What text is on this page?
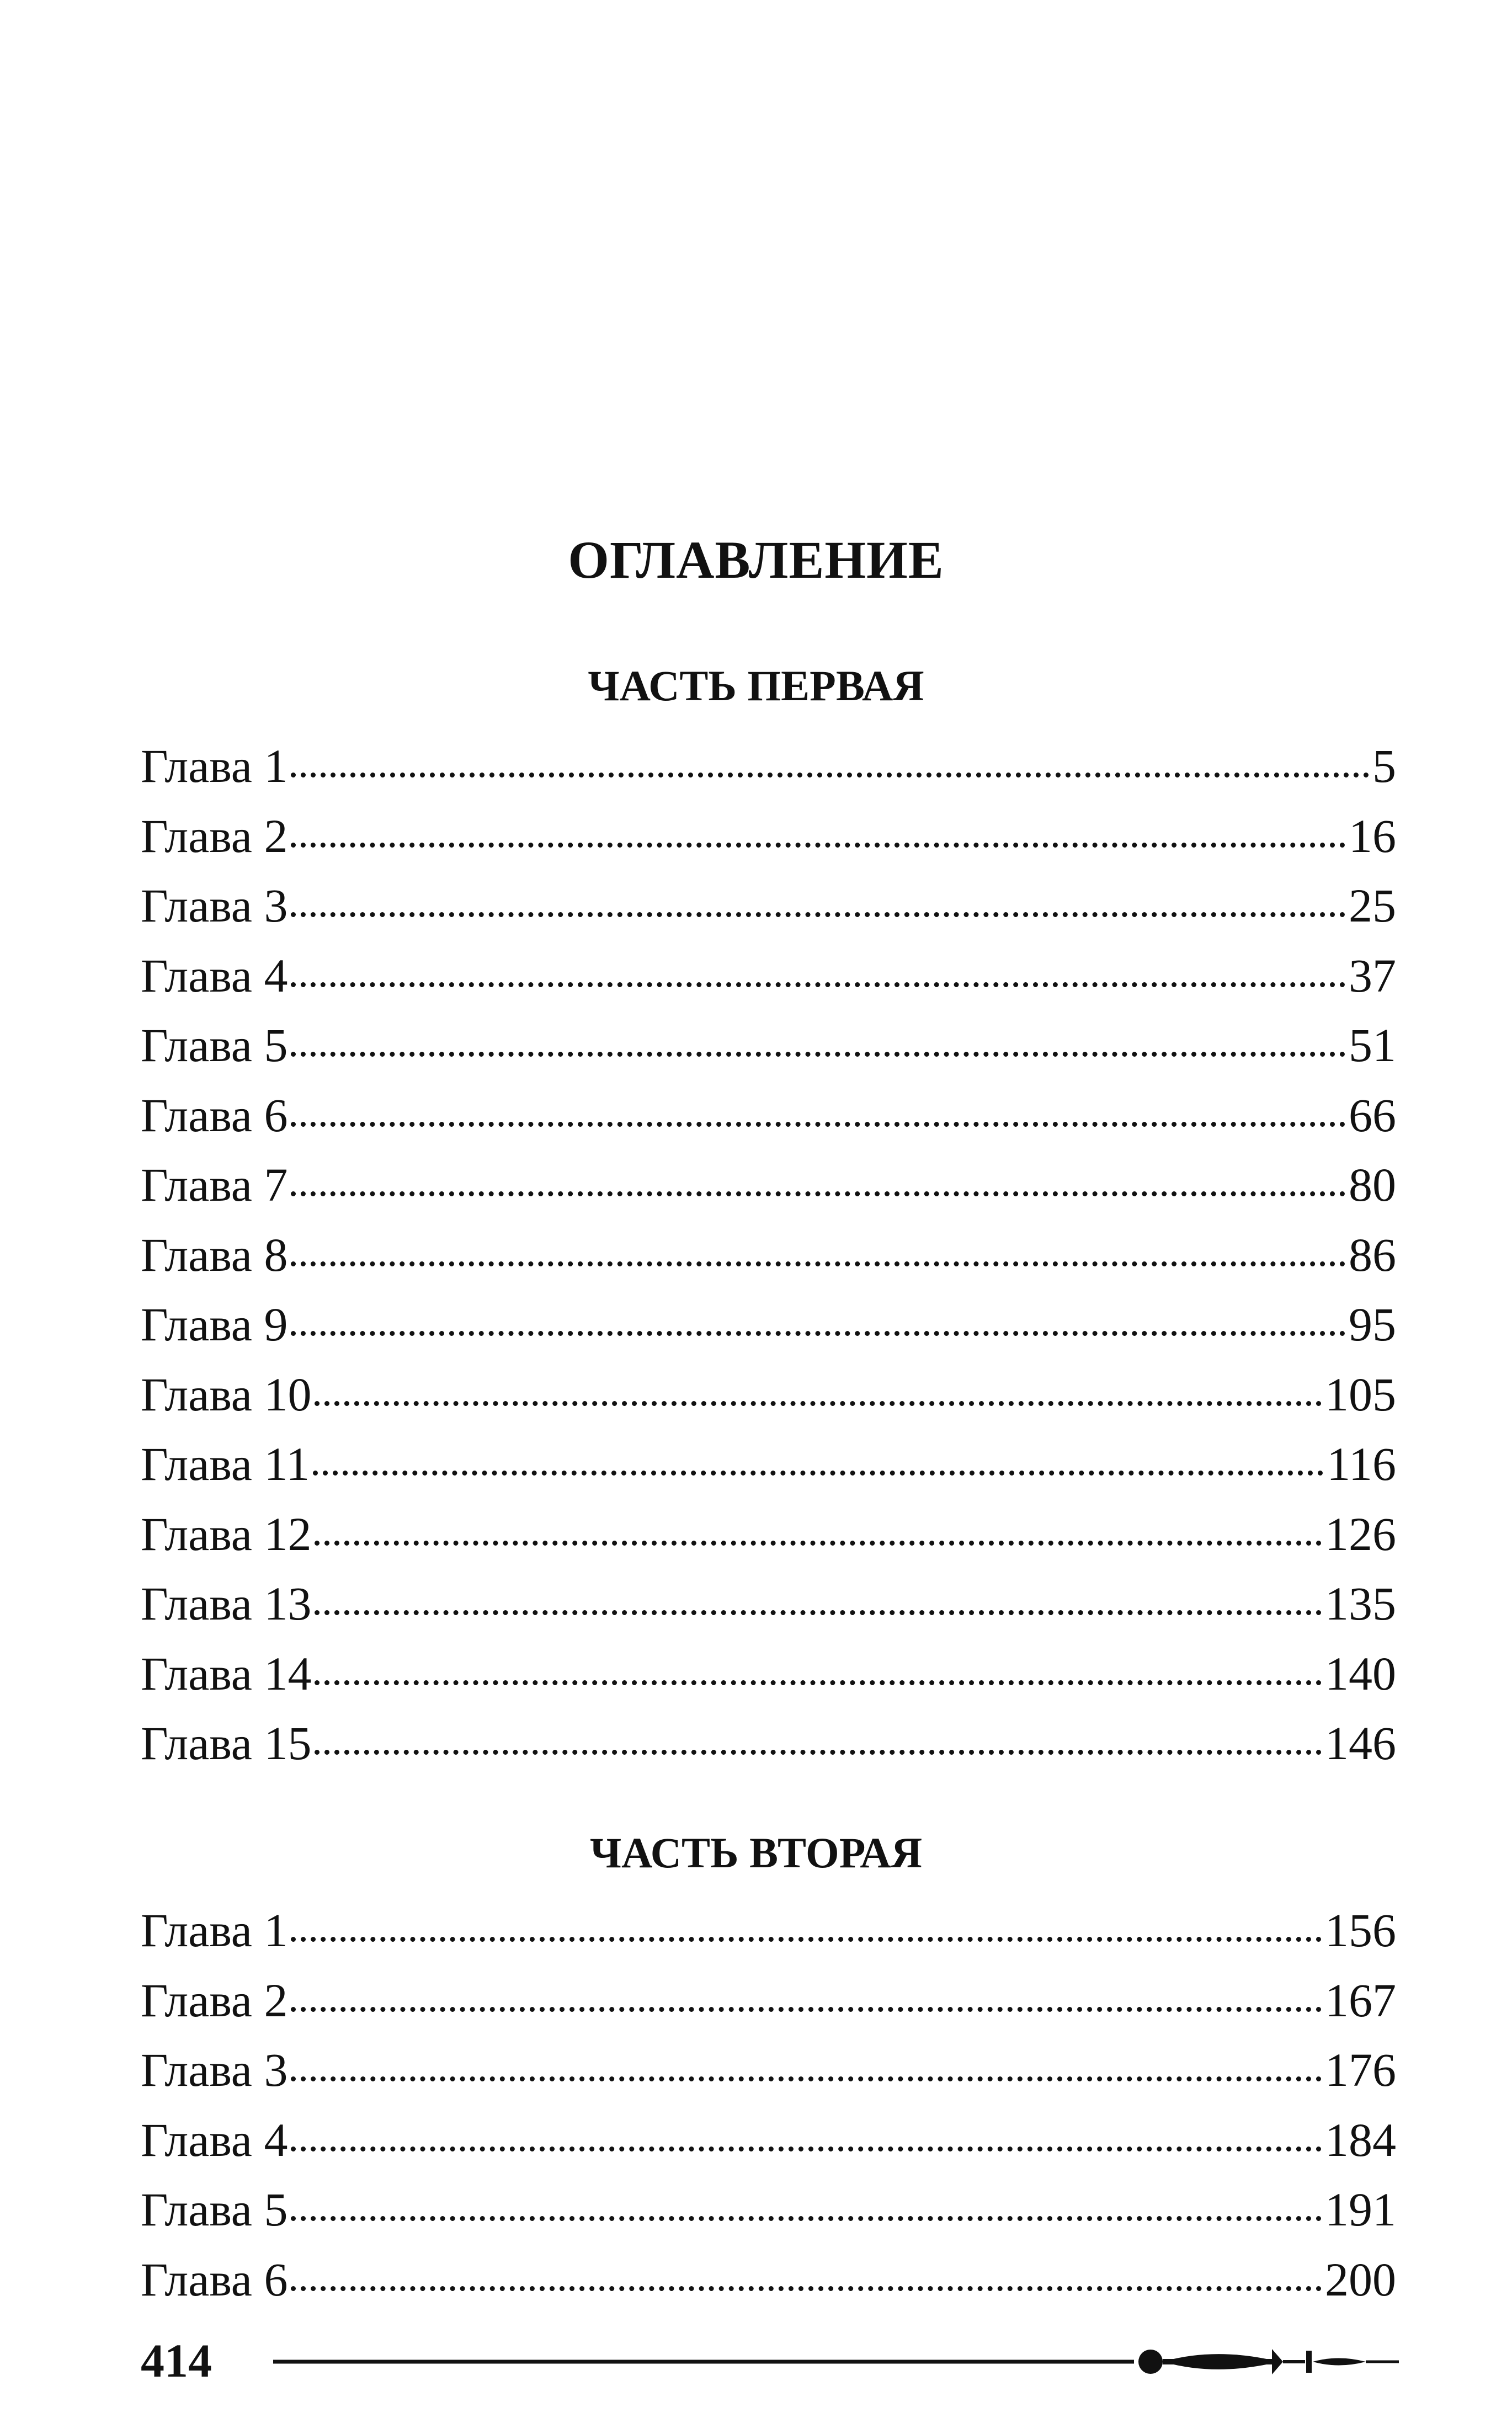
ОГЛАВЛЕНИЕ
ЧАСТЬ ПЕРВАЯ
Глава 1	5
Глава 2	16
Глава 3	25
Глава 4	37
Глава 5	51
Глава 6	66
Глава 7	80
Глава 8	86
Глава 9	95
Глава 10	105
Глава 11	116
Глава 12	126
Глава 13	135
Глава 14	140
Глава 15	146
ЧАСТЬ ВТОРАЯ
Глава 1	156
Глава 2	167
Глава 3	176
Глава 4	184
Глава 5	191
Глава 6	200
414
